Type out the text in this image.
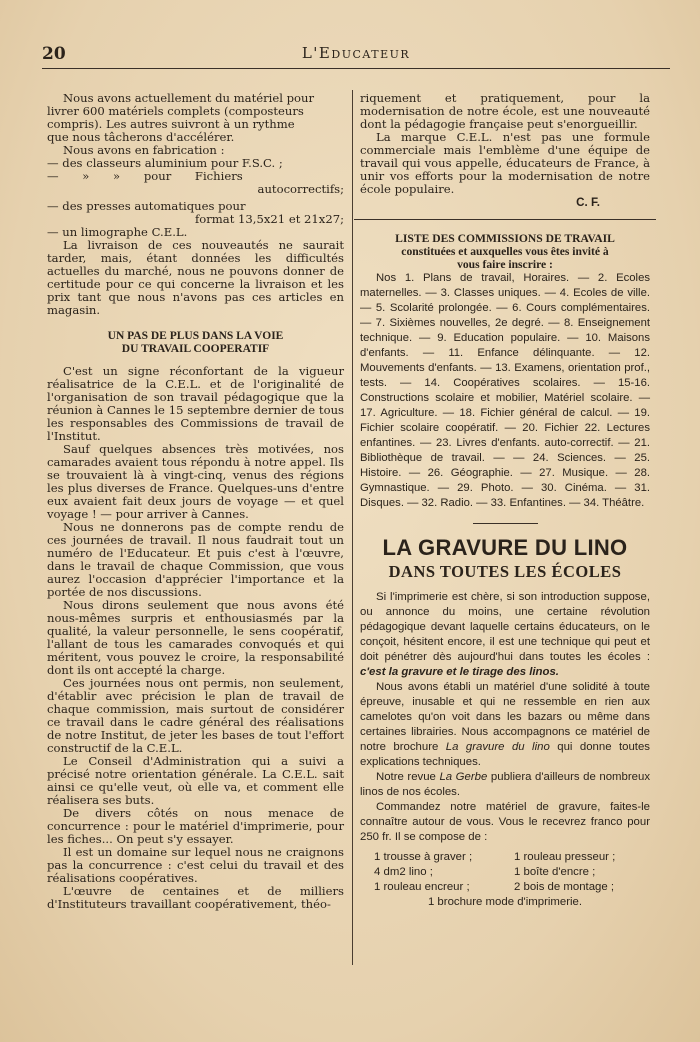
20	L'Educateur
Nous avons actuellement du matériel pour
livrer 600 matériels complets (composteurs
compris). Les autres suivront à un rythme
que nous tâcherons d'accélérer.
Nous avons en fabrication :
— des classeurs aluminium pour F.S.C. ;
— » » pour Fichiers
autocorrectifs;
— des presses automatiques pour
format 13,5x21 et 21x27;
— un limographe C.E.L.

La livraison de ces nouveautés ne saurait tarder, mais, étant données les difficultés actuelles du marché, nous ne pouvons donner de certitude pour ce qui concerne la livraison et les prix tant que nous n'avons pas ces articles en magasin.

UN PAS DE PLUS DANS LA VOIE
DU TRAVAIL COOPERATIF

C'est un signe réconfortant de la vigueur réalisatrice de la C.E.L. et de l'originalité de l'organisation de son travail pédagogique que la réunion à Cannes le 15 septembre dernier de tous les responsables des Commissions de travail de l'Institut.

Sauf quelques absences très motivées, nos camarades avaient tous répondu à notre appel. Ils se trouvaient là à vingt-cinq, venus des régions les plus diverses de France. Quelques-uns d'entre eux avaient fait deux jours de voyage — et quel voyage ! — pour arriver à Cannes.

Nous ne donnerons pas de compte rendu de ces journées de travail. Il nous faudrait tout un numéro de l'Educateur. Et puis c'est à l'œuvre, dans le travail de chaque Commission, que vous aurez l'occasion d'apprécier l'importance et la portée de nos discussions.

Nous dirons seulement que nous avons été nous-mêmes surpris et enthousiasmés par la qualité, la valeur personnelle, le sens coopératif, l'allant de tous les camarades convoqués et qui méritent, vous pouvez le croire, la responsabilité dont ils ont accepté la charge.

Ces journées nous ont permis, non seulement, d'établir avec précision le plan de travail de chaque commission, mais surtout de considérer ce travail dans le cadre général des réalisations de notre Institut, de jeter les bases de tout l'effort constructif de la C.E.L.

Le Conseil d'Administration qui a suivi a précisé notre orientation générale. La C.E.L. sait ainsi ce qu'elle veut, où elle va, et comment elle réalisera ses buts.

De divers côtés on nous menace de concurrence : pour le matériel d'imprimerie, pour les fiches... On peut s'y essayer.

Il est un domaine sur lequel nous ne craignons pas la concurrence : c'est celui du travail et des réalisations coopératives.

L'œuvre de centaines et de milliers d'Instituteurs travaillant coopérativement, théo-

riquement et pratiquement, pour la modernisation de notre école, est une nouveauté dont la pédagogie française peut s'enorgueillir.

La marque C.E.L. n'est pas une formule commerciale mais l'emblème d'une équipe de travail qui vous appelle, éducateurs de France, à unir vos efforts pour la modernisation de notre école populaire.

C. F.
LISTE DES COMMISSIONS DE TRAVAIL
constituées et auxquelles vous êtes invité à
vous faire inscrire :

Nos 1. Plans de travail, Horaires. — 2. Ecoles maternelles. — 3. Classes uniques. — 4. Ecoles de ville. — 5. Scolarité prolongée. — 6. Cours complémentaires. — 7. Sixièmes nouvelles, 2e degré. — 8. Enseignement technique. — 9. Education populaire. — 10. Maisons d'enfants. — 11. Enfance délinquante. — 12. Mouvements d'enfants. — 13. Examens, orientation prof., tests. — 14. Coopératives scolaires. — 15-16. Constructions scolaire et mobilier, Matériel scolaire. — 17. Agriculture. — 18. Fichier général de calcul. — 19. Fichier scolaire coopératif. — 20. Fichier 22. Lectures enfantines. — 23. Livres d'enfants. auto-correctif. — 21. Bibliothèque de travail. — — 24. Sciences. — 25. Histoire. — 26. Géographie. — 27. Musique. — 28. Gymnastique. — 29. Photo. — 30. Cinéma. — 31. Disques. — 32. Radio. — 33. Enfantines. — 34. Théâtre.

LA GRAVURE DU LINO
DANS TOUTES LES ÉCOLES

Si l'imprimerie est chère, si son introduction suppose, ou annonce du moins, une certaine révolution pédagogique devant laquelle certains éducateurs, on le conçoit, hésitent encore, il est une technique qui peut et doit pénétrer dès aujourd'hui dans toutes les écoles : c'est la gravure et le tirage des linos.

Nous avons établi un matériel d'une solidité à toute épreuve, inusable et qui ne ressemble en rien aux camelotes qu'on voit dans les bazars ou même dans certaines librairies. Nous accompagnons ce matériel de notre brochure La gravure du lino qui donne toutes explications techniques.

Notre revue La Gerbe publiera d'ailleurs de nombreux linos de nos écoles.

Commandez notre matériel de gravure, faites-le connaître autour de vous. Vous le recevrez franco pour 250 fr. Il se compose de :

1 trousse à graver ;	1 rouleau presseur ;
4 dm2 lino ;	1 boîte d'encre ;
1 rouleau encreur ;	2 bois de montage ;
1 brochure mode d'imprimerie.
